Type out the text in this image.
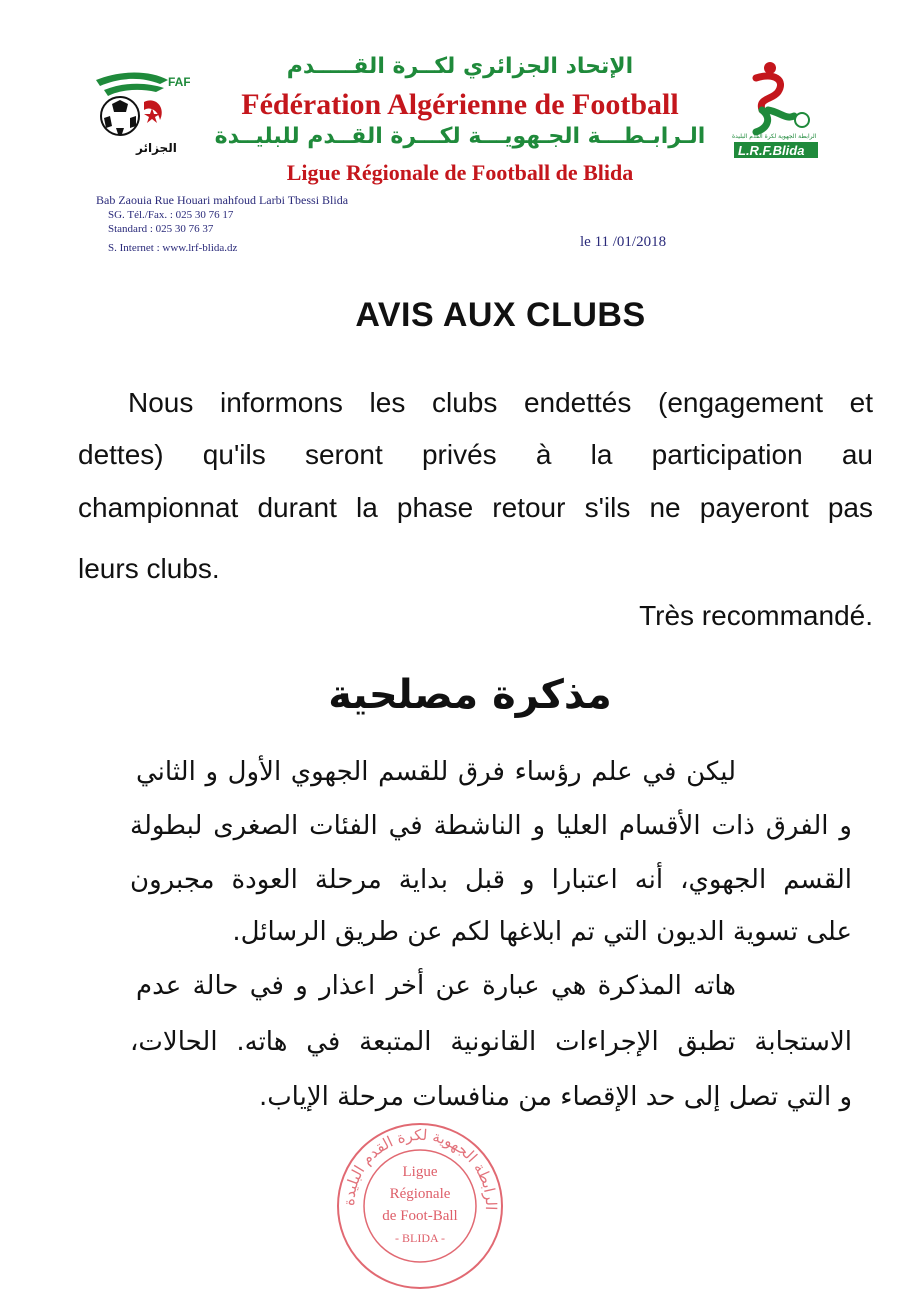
FAF
الجزائر
الرابطة الجهوية لكرة القدم البليدة
L.R.F.Blida
الإتحاد الجزائري لكــرة القـــــدم
Fédération Algérienne de Football
الـرابـطـــة الجـهويـــة لكـــرة القــدم للبليــدة
Ligue Régionale de Football de Blida
Bab Zaouia Rue Houari mahfoud Larbi Tbessi Blida
SG. Tél./Fax. : 025 30 76 17
Standard : 025 30 76 37
S. Internet : www.lrf-blida.dz	le 11 /01/2018
AVIS AUX CLUBS
Nous informons les clubs endettés (engagement et
dettes) qu'ils seront privés à la participation au
championnat durant la phase retour s'ils ne payeront pas
leurs clubs.
Très recommandé.
مذكرة مصلحية
ليكن في علم رؤساء فرق للقسم الجهوي الأول و الثاني
و الفرق ذات الأقسام العليا و الناشطة في الفئات الصغرى لبطولة
القسم الجهوي، أنه اعتبارا و قبل بداية مرحلة العودة مجبرون
على تسوية الديون التي تم ابلاغها لكم عن طريق الرسائل.
هاته المذكرة هي عبارة عن أخر اعذار و في حالة عدم
الاستجابة تطبق الإجراءات القانونية المتبعة في هاته. الحالات،
و التي تصل إلى حد الإقصاء من منافسات مرحلة الإياب.
الرابطة الجهوية لكرة القدم البليدة
Ligue
Régionale
de Foot-Ball
- BLIDA -
